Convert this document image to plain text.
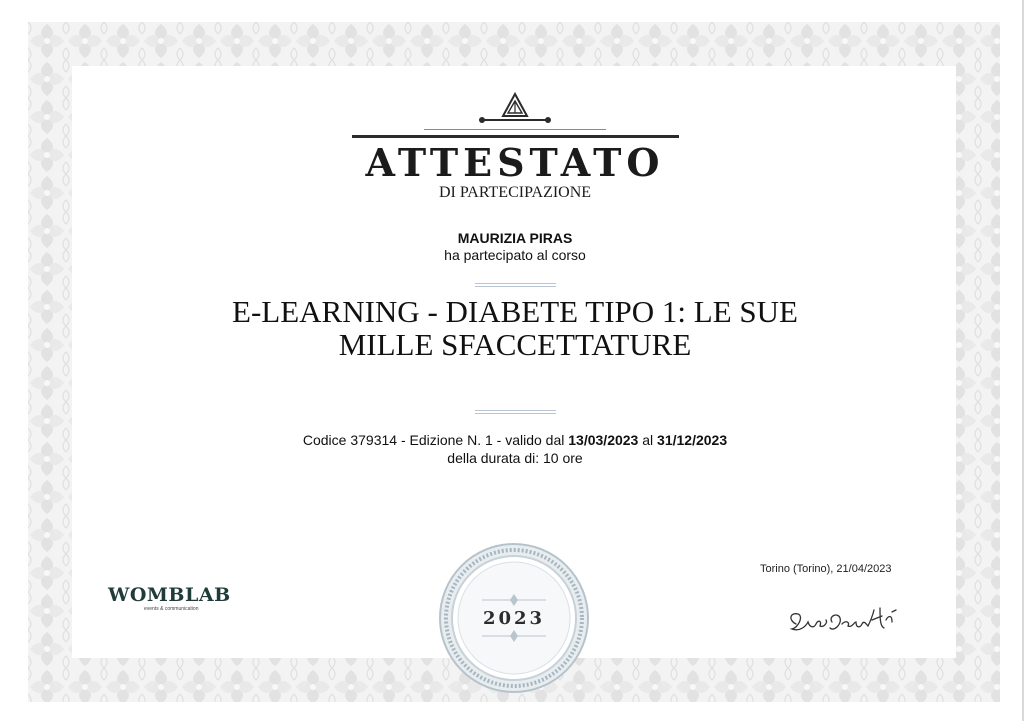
ATTESTATO
DI PARTECIPAZIONE
MAURIZIA PIRAS
ha partecipato al corso
E-LEARNING - DIABETE TIPO 1: LE SUE
MILLE SFACCETTATURE
Codice 379314 - Edizione N. 1 - valido dal 13/03/2023 al 31/12/2023
della durata di: 10 ore
WOMBLAB
events & communication	2023
Torino (Torino), 21/04/2023
